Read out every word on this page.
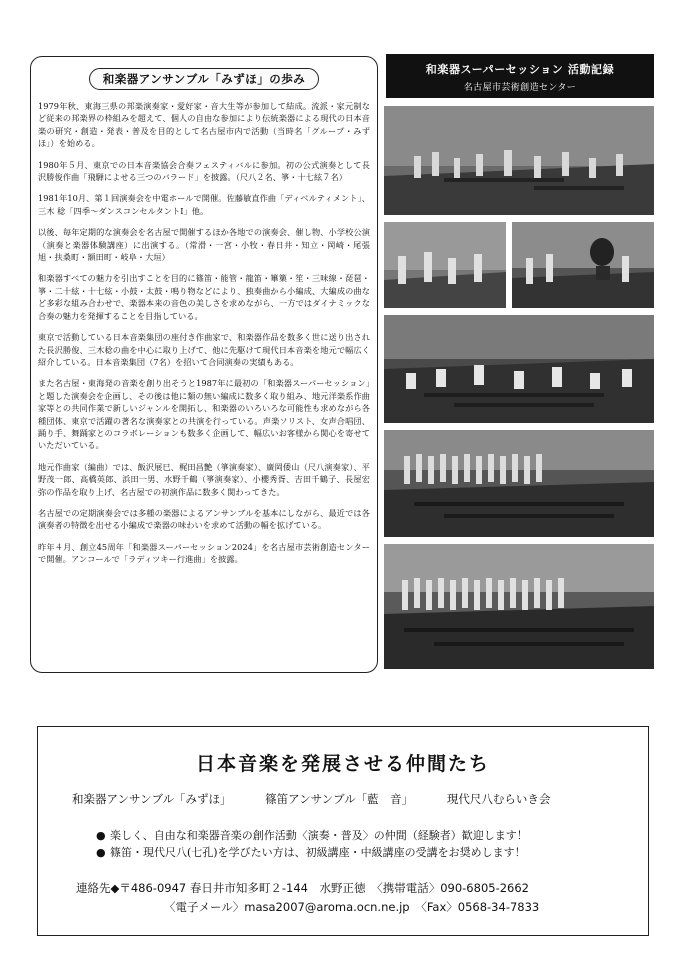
和楽器アンサンブル「みずほ」の歩み

1979年秋、東海三県の邦楽演奏家・愛好家・音大生等が参加して結成。流派・家元制など従来の邦楽界の枠組みを超えて、個人の自由な参加により伝統楽器による現代の日本音楽の研究・創造・発表・普及を目的として名古屋市内で活動（当時名「グループ・みずほ」）を始める。

1980年５月、東京での日本音楽協会合奏フェスティバルに参加。初の公式演奏として長沢勝俊作曲「飛騨によせる三つのバラード」を披露。（尺八２名、箏・十七絃７名）

1981年10月、第１回演奏会を中電ホールで開催。佐藤敏直作曲「ディベルティメント」、三木 稔「四季～ダンスコンセルタントⅠ」他。

以後、毎年定期的な演奏会を名古屋で開催するほか各地での演奏会、催し物、小学校公演（演奏と楽器体験講座）に出演する。（常滑・一宮・小牧・春日井・知立・岡崎・尾張旭・扶桑町・額田町・岐阜・大垣）

和楽器すべての魅力を引出すことを目的に篠笛・能管・龍笛・篳篥・笙・三味線・琵琶・箏・二十絃・十七絃・小鼓・太鼓・鳴り物などにより、独奏曲から小編成、大編成の曲など多彩な組み合わせで、楽器本来の音色の美しさを求めながら、一方ではダイナミックな合奏の魅力を発揮することを目指している。

東京で活動している日本音楽集団の座付き作曲家で、和楽器作品を数多く世に送り出された長沢勝俊、三木稔の曲を中心に取り上げて、他に先駆けて現代日本音楽を地元で幅広く紹介している。日本音楽集団（7名）を招いて合同演奏の実績もある。

また名古屋・東海発の音楽を創り出そうと1987年に最初の「和楽器スーパーセッション」と題した演奏会を企画し、その後は他に類の無い編成に数多く取り組み、地元洋楽系作曲家等との共同作業で新しいジャンルを開拓し、和楽器のいろいろな可能性も求めながら各種団体、東京で活躍の著名な演奏家との共演を行っている。声楽ソリスト、女声合唱団、踊り手、舞踊家とのコラボレーションも数多く企画して、幅広いお客様から関心を寄せていただいている。

地元作曲家（編曲）では、飯沢展巳、梶田昌艶（箏演奏家）、廣岡倭山（尺八演奏家）、平野茂一郎、高橋英郎、浜田一男、水野千鶴（箏演奏家）、小櫻秀胥、吉田千鶴子、長屋宏弥の作品を取り上げ、名古屋での初演作品に数多く関わってきた。

名古屋での定期演奏会では多種の楽器によるアンサンブルを基本にしながら、最近では各演奏者の特徴を出せる小編成で楽器の味わいを求めて活動の幅を拡げている。

昨年４月、創立45周年「和楽器スーパーセッション2024」を名古屋市芸術創造センターで開催。アンコールで「ラディツキー行進曲」を披露。

和楽器スーパーセッション 活動記録
名古屋市芸術創造センター
日本音楽を発展させる仲間たち
和楽器アンサンブル「みずほ」	篠笛アンサンブル「藍　音」	現代尺八むらいき会
● 楽しく、自由な和楽器音楽の創作活動〈演奏・普及〉の仲間（経験者）歓迎します！
● 篠笛・現代尺八(七孔)を学びたい方は、初級講座・中級講座の受講をお奨めします！
連絡先◆〒486-0947 春日井市知多町２-144　水野正徳　〈携帯電話〉090-6805-2662
〈電子メール〉masa2007@aroma.ocn.ne.jp　〈Fax〉0568-34-7833
